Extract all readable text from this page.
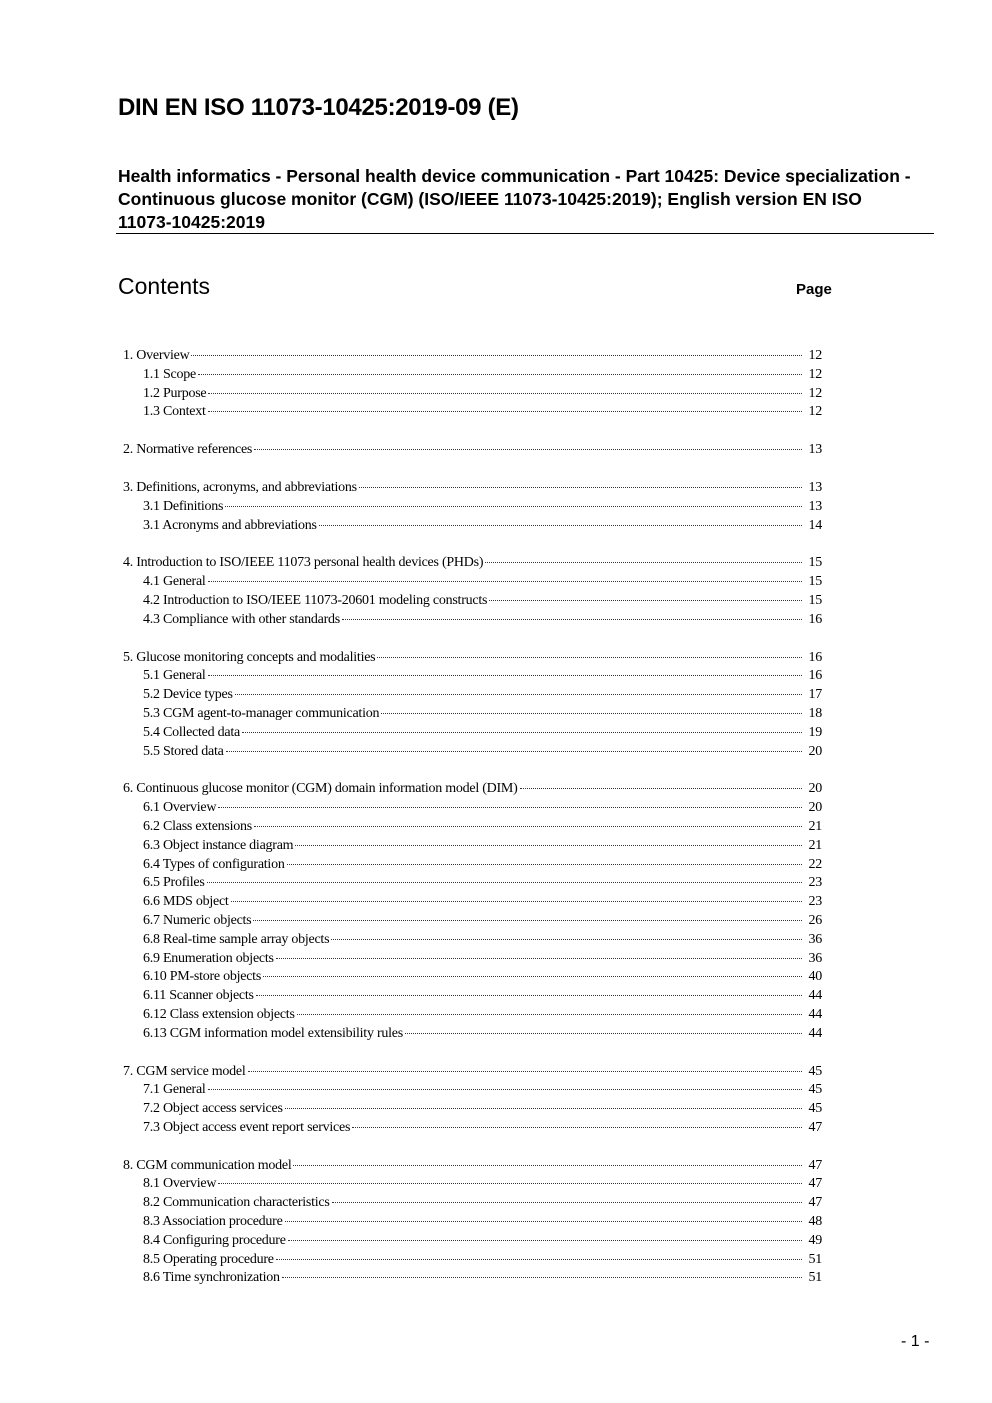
DIN EN ISO 11073-10425:2019-09 (E)
Health informatics - Personal health device communication - Part 10425: Device specialization - Continuous glucose monitor (CGM) (ISO/IEEE 11073-10425:2019); English version EN ISO 11073-10425:2019
Contents	Page
1. Overview	12
1.1 Scope	12
1.2 Purpose	12
1.3 Context	12
2. Normative references	13
3. Definitions, acronyms, and abbreviations	13
3.1 Definitions	13
3.1 Acronyms and abbreviations	14
4. Introduction to ISO/IEEE 11073 personal health devices (PHDs)	15
4.1 General	15
4.2 Introduction to ISO/IEEE 11073-20601 modeling constructs	15
4.3 Compliance with other standards	16
5. Glucose monitoring concepts and modalities	16
5.1 General	16
5.2 Device types	17
5.3 CGM agent-to-manager communication	18
5.4 Collected data	19
5.5 Stored data	20
6. Continuous glucose monitor (CGM) domain information model (DIM)	20
6.1 Overview	20
6.2 Class extensions	21
6.3 Object instance diagram	21
6.4 Types of configuration	22
6.5 Profiles	23
6.6 MDS object	23
6.7 Numeric objects	26
6.8 Real-time sample array objects	36
6.9 Enumeration objects	36
6.10 PM-store objects	40
6.11 Scanner objects	44
6.12 Class extension objects	44
6.13 CGM information model extensibility rules	44
7. CGM service model	45
7.1 General	45
7.2 Object access services	45
7.3 Object access event report services	47
8. CGM communication model	47
8.1 Overview	47
8.2 Communication characteristics	47
8.3 Association procedure	48
8.4 Configuring procedure	49
8.5 Operating procedure	51
8.6 Time synchronization	51
- 1 -
